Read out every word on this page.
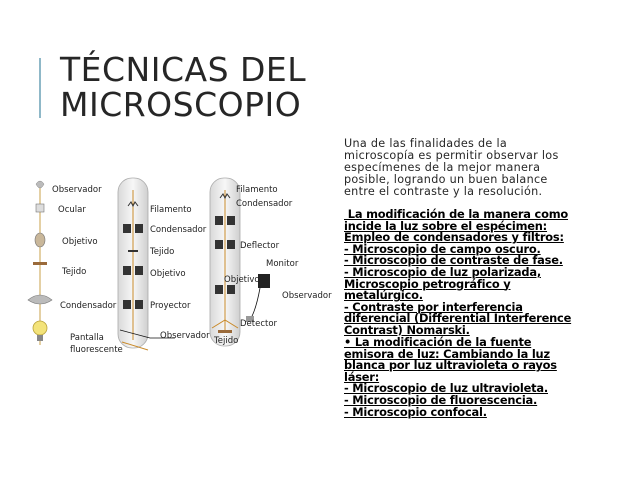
TÉCNICAS DEL
MICROSCOPIO
Una de las finalidades de la
microscopía es permitir observar los
especímenes de la mejor manera
posible, logrando un buen balance
entre el contraste y la resolución.
La modificación de la manera como
incide la luz sobre el espécimen:
Empleo de condensadores y filtros:
- Microscopio de campo oscuro.
- Microscopio de contraste de fase.
- Microscopio de luz polarizada,
Microscopio petrográfico y
metalúrgico.
- Contraste por interferencia
diferencial (Differential Interference
Contrast) Nomarski.
• La modificación de la fuente
emisora de luz: Cambiando la luz
blanca por luz ultravioleta o rayos
láser:
- Microscopio de luz ultravioleta.
- Microscopio de fluorescencia.
- Microscopio confocal.
Observador
Ocular
Objetivo
Tejido
Condensador
Pantalla
fluorescente
Filamento
Condensador
Tejido
Objetivo
Proyector
Observador
Filamento
Condensador
Deflector
Monitor
Objetivo
Observador
Detector
Tejido
